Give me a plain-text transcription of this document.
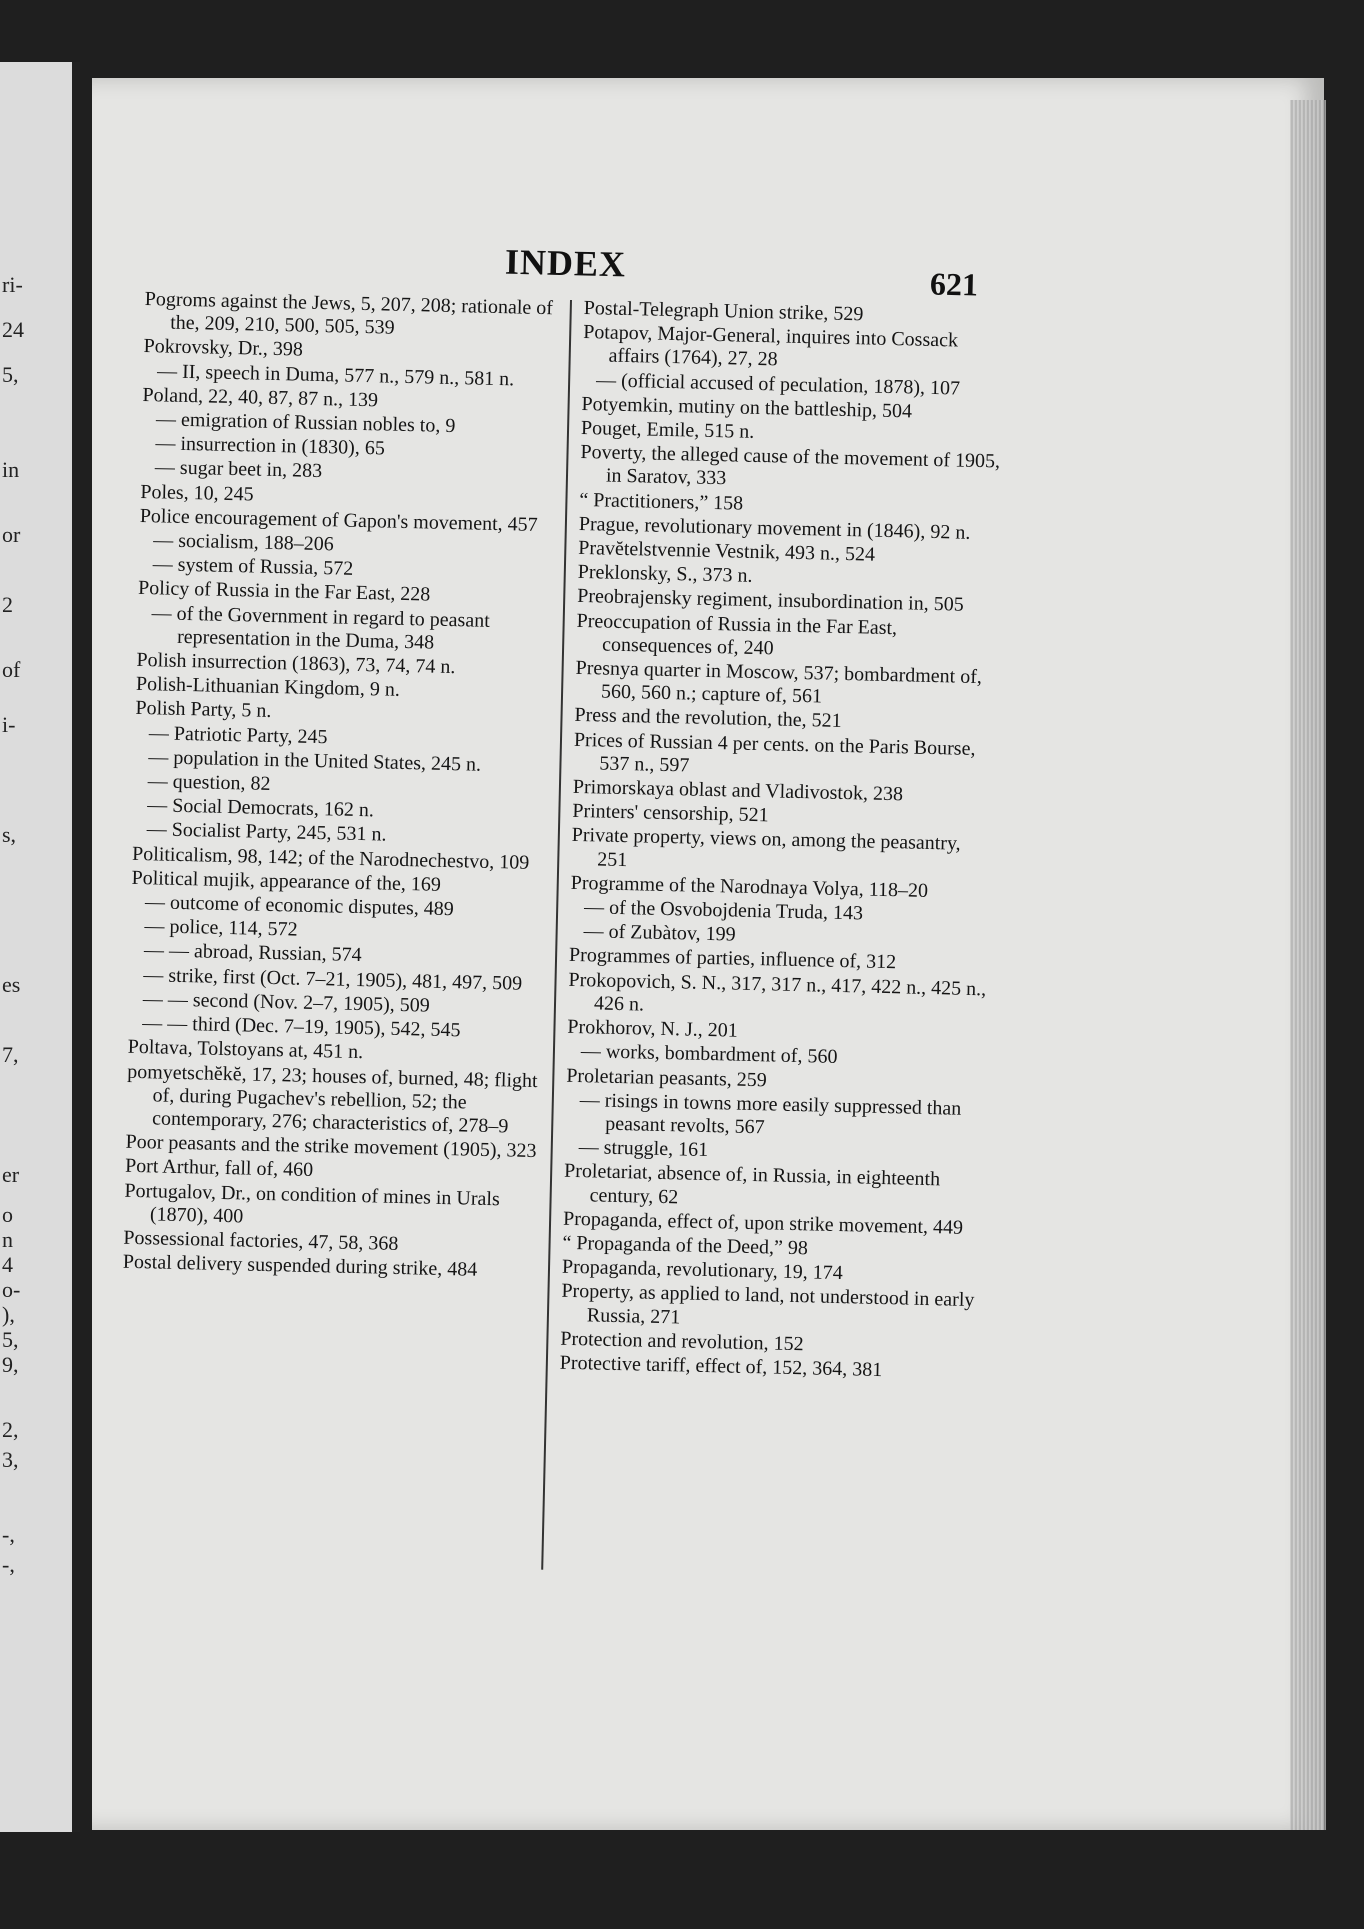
ri-
24
5,
in
or
2
of
i-
s,
es
7,
er
o
n
4
o-
),
5,
9,
2,
3,
-,
-,
INDEX	621
Pogroms against the Jews, 5, 207, 208; rationale of the, 209, 210, 500, 505, 539
Pokrovsky, Dr., 398
— II, speech in Duma, 577 n., 579 n., 581 n.
Poland, 22, 40, 87, 87 n., 139
— emigration of Russian nobles to, 9
— insurrection in (1830), 65
— sugar beet in, 283
Poles, 10, 245
Police encouragement of Gapon's movement, 457
— socialism, 188–206
— system of Russia, 572
Policy of Russia in the Far East, 228
— of the Government in regard to peasant representation in the Duma, 348
Polish insurrection (1863), 73, 74, 74 n.
Polish-Lithuanian Kingdom, 9 n.
Polish Party, 5 n.
— Patriotic Party, 245
— population in the United States, 245 n.
— question, 82
— Social Democrats, 162 n.
— Socialist Party, 245, 531 n.
Politicalism, 98, 142; of the Narodnechestvo, 109
Political mujik, appearance of the, 169
— outcome of economic disputes, 489
— police, 114, 572
— — abroad, Russian, 574
— strike, first (Oct. 7–21, 1905), 481, 497, 509
— — second (Nov. 2–7, 1905), 509
— — third (Dec. 7–19, 1905), 542, 545
Poltava, Tolstoyans at, 451 n.
pomyetschĕkĕ, 17, 23; houses of, burned, 48; flight of, during Pugachev's rebellion, 52; the contemporary, 276; characteristics of, 278–9
Poor peasants and the strike movement (1905), 323
Port Arthur, fall of, 460
Portugalov, Dr., on condition of mines in Urals (1870), 400
Possessional factories, 47, 58, 368
Postal delivery suspended during strike, 484
Postal-Telegraph Union strike, 529
Potapov, Major-General, inquires into Cossack affairs (1764), 27, 28
— (official accused of peculation, 1878), 107
Potyemkin, mutiny on the battleship, 504
Pouget, Emile, 515 n.
Poverty, the alleged cause of the movement of 1905, in Saratov, 333
“ Practitioners,” 158
Prague, revolutionary movement in (1846), 92 n.
Pravĕtelstvennie Vestnik, 493 n., 524
Preklonsky, S., 373 n.
Preobrajensky regiment, insubordination in, 505
Preoccupation of Russia in the Far East, consequences of, 240
Presnya quarter in Moscow, 537; bombardment of, 560, 560 n.; capture of, 561
Press and the revolution, the, 521
Prices of Russian 4 per cents. on the Paris Bourse, 537 n., 597
Primorskaya oblast and Vladivostok, 238
Printers' censorship, 521
Private property, views on, among the peasantry, 251
Programme of the Narodnaya Volya, 118–20
— of the Osvobojdenia Truda, 143
— of Zubàtov, 199
Programmes of parties, influence of, 312
Prokopovich, S. N., 317, 317 n., 417, 422 n., 425 n., 426 n.
Prokhorov, N. J., 201
— works, bombardment of, 560
Proletarian peasants, 259
— risings in towns more easily suppressed than peasant revolts, 567
— struggle, 161
Proletariat, absence of, in Russia, in eighteenth century, 62
Propaganda, effect of, upon strike movement, 449
“ Propaganda of the Deed,” 98
Propaganda, revolutionary, 19, 174
Property, as applied to land, not understood in early Russia, 271
Protection and revolution, 152
Protective tariff, effect of, 152, 364, 381
